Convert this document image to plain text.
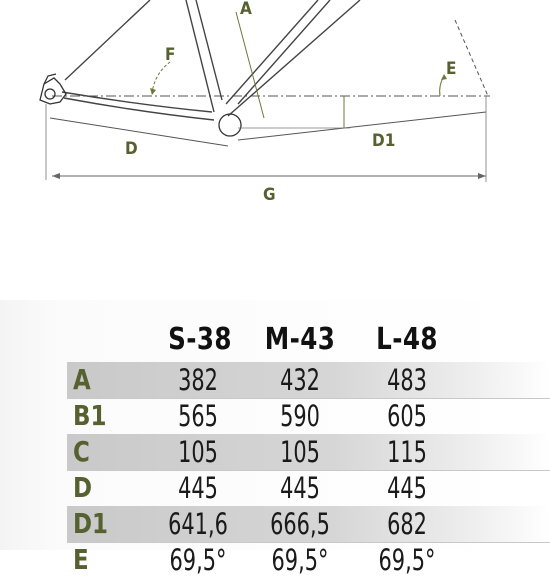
A
F
E
D	D1
G
S-38	M-43	L-48
A	382	432	483
B1	565	590	605
C	105	105	115
D	445	445	445
D1	641,6	666,5	682
E	69,5°	69,5°	69,5°
